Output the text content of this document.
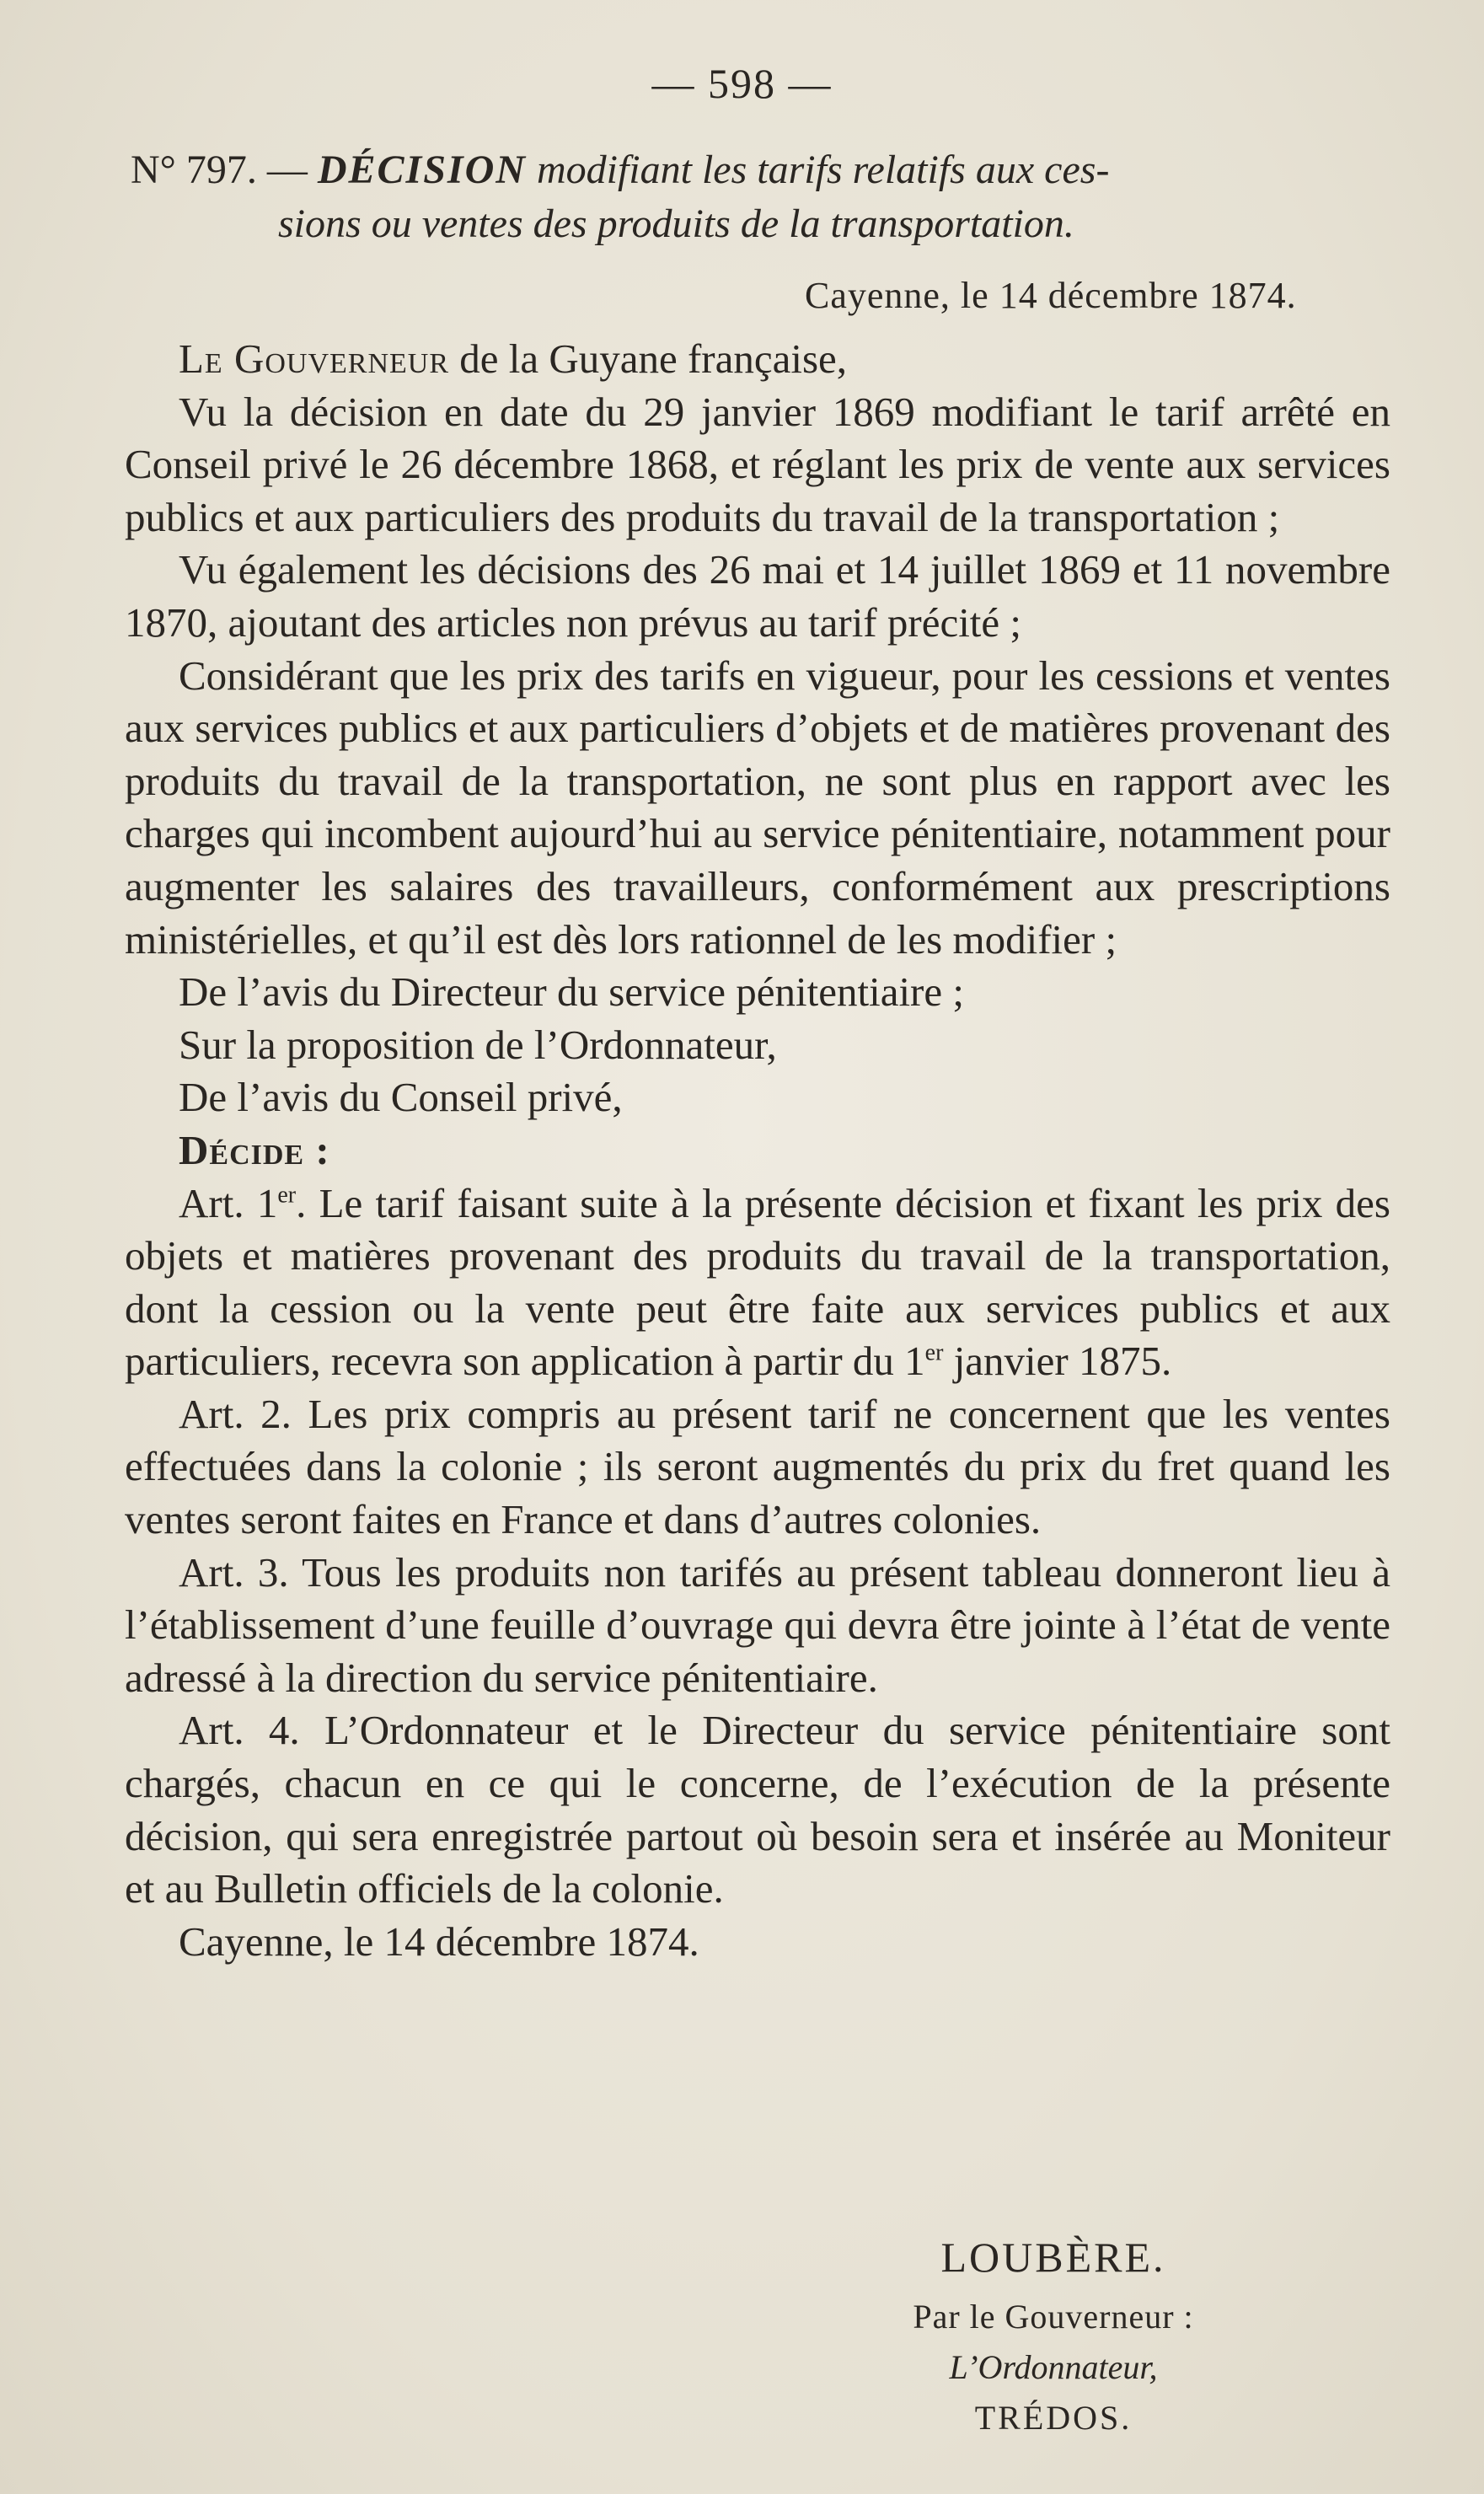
— 598 —
N° 797. — DÉCISION modifiant les tarifs relatifs aux ces-
sions ou ventes des produits de la transportation.
Cayenne, le 14 décembre 1874.

Le Gouverneur de la Guyane française,

Vu la décision en date du 29 janvier 1869 modifiant le tarif arrêté en Conseil privé le 26 décembre 1868, et réglant les prix de vente aux services publics et aux particuliers des produits du travail de la transportation ;

Vu également les décisions des 26 mai et 14 juillet 1869 et 11 novembre 1870, ajoutant des articles non prévus au tarif précité ;

Considérant que les prix des tarifs en vigueur, pour les cessions et ventes aux services publics et aux particuliers d’objets et de matières provenant des produits du travail de la transportation, ne sont plus en rapport avec les charges qui incombent aujourd’hui au service pénitentiaire, notamment pour augmenter les salaires des travailleurs, conformément aux prescriptions ministérielles, et qu’il est dès lors rationnel de les modifier ;

De l’avis du Directeur du service pénitentiaire ;

Sur la proposition de l’Ordonnateur,

De l’avis du Conseil privé,

Décide :

Art. 1er. Le tarif faisant suite à la présente décision et fixant les prix des objets et matières provenant des produits du travail de la transportation, dont la cession ou la vente peut être faite aux services publics et aux particuliers, recevra son application à partir du 1er janvier 1875.

Art. 2. Les prix compris au présent tarif ne concernent que les ventes effectuées dans la colonie ; ils seront augmentés du prix du fret quand les ventes seront faites en France et dans d’autres colonies.

Art. 3. Tous les produits non tarifés au présent tableau donneront lieu à l’établissement d’une feuille d’ouvrage qui devra être jointe à l’état de vente adressé à la direction du service pénitentiaire.

Art. 4. L’Ordonnateur et le Directeur du service pénitentiaire sont chargés, chacun en ce qui le concerne, de l’exécution de la présente décision, qui sera enregistrée partout où besoin sera et insérée au Moniteur et au Bulletin officiels de la colonie.

Cayenne, le 14 décembre 1874.

LOUBÈRE.
Par le Gouverneur :
L’Ordonnateur,
TRÉDOS.
